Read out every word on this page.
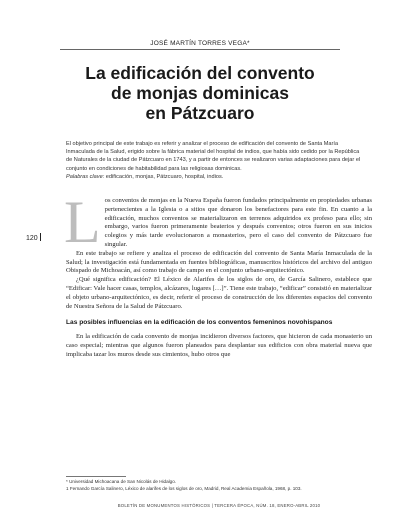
JOSÉ MARTÍN TORRES VEGA*
La edificación del convento
de monjas dominicas
en Pátzcuaro

El objetivo principal de este trabajo es referir y analizar el proceso de edificación del convento de Santa María Inmaculada de la Salud, erigido sobre la fábrica material del hospital de indios, que había sido cedido por la República de Naturales de la ciudad de Pátzcuaro en 1743, y a partir de entonces se realizaron varias adaptaciones para dejar el conjunto en condiciones de habitabilidad para las religiosas dominicas.

Palabras clave: edificación, monjas, Pátzcuaro, hospital, indios.

120 L os conventos de monjas en la Nueva España fueron fundados principalmente en propiedades urbanas pertenecientes a la Iglesia o a sitios que donaron los benefactores para este fin. En cuanto a la edificación, muchos conventos se materializaron en terrenos adquiridos ex profeso para ello; sin embargo, varios fueron primeramente beaterios y después conventos; otros fueron en sus inicios colegios y más tarde evolucionaron a monasterios, pero el caso del convento de Pátzcuaro fue singular.

En este trabajo se refiere y analiza el proceso de edificación del convento de Santa María Inmaculada de la Salud; la investigación está fundamentada en fuentes bibliográficas, manuscritos históricos del archivo del antiguo Obispado de Michoacán, así como trabajo de campo en el conjunto urbano-arquitectónico.

¿Qué significa edificación? El Léxico de Alarifes de los siglos de oro, de García Salinero, establece que “Edificar: Vale hacer casas, templos, alcázares, lugares […]”. Tiene este trabajo, “edificar” consistió en materializar el objeto urbano-arquitectónico, es decir, referir el proceso de construcción de los diferentes espacios del convento de Nuestra Señora de la Salud de Pátzcuaro.

Las posibles influencias en la edificación de los conventos femeninos novohispanos

En la edificación de cada convento de monjas incidieron diversos factores, que hicieron de cada monasterio un caso especial; mientras que algunos fueron planeados para desplantar sus edificios con obra material nueva que implicaba tazar los muros desde sus cimientos, hubo otros que

* Universidad Michoacana de San Nicolás de Hidalgo.

1 Fernando García Salinero, Léxico de alarifes de los siglos de oro, Madrid, Real Academia Española, 1968, p. 103.

BOLETÍN DE MONUMENTOS HISTÓRICOS | TERCERA ÉPOCA, NÚM. 18, ENERO-ABRIL 2010
